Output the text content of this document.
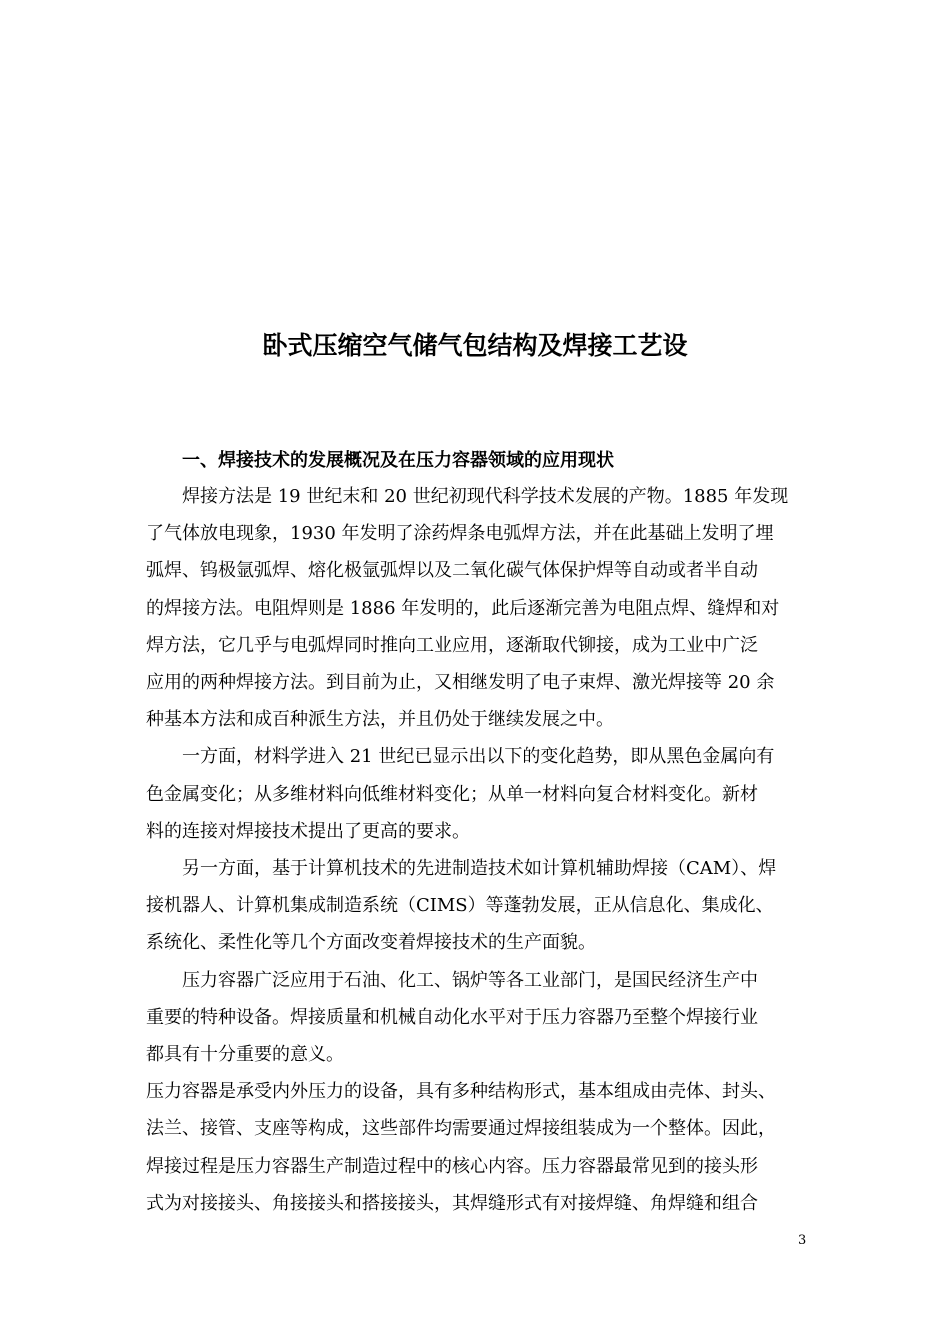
卧式压缩空气储气包结构及焊接工艺设
一、焊接技术的发展概况及在压力容器领域的应用现状

焊接方法是 19 世纪末和 20 世纪初现代科学技术发展的产物。1885 年发现

了气体放电现象，1930 年发明了涂药焊条电弧焊方法，并在此基础上发明了埋

弧焊、钨极氩弧焊、熔化极氩弧焊以及二氧化碳气体保护焊等自动或者半自动

的焊接方法。电阻焊则是 1886 年发明的，此后逐渐完善为电阻点焊、缝焊和对

焊方法，它几乎与电弧焊同时推向工业应用，逐渐取代铆接，成为工业中广泛

应用的两种焊接方法。到目前为止，又相继发明了电子束焊、激光焊接等 20 余

种基本方法和成百种派生方法，并且仍处于继续发展之中。

一方面，材料学进入 21 世纪已显示出以下的变化趋势，即从黑色金属向有

色金属变化；从多维材料向低维材料变化；从单一材料向复合材料变化。新材

料的连接对焊接技术提出了更高的要求。

另一方面，基于计算机技术的先进制造技术如计算机辅助焊接（CAM）、焊

接机器人、计算机集成制造系统（CIMS）等蓬勃发展，正从信息化、集成化、

系统化、柔性化等几个方面改变着焊接技术的生产面貌。

压力容器广泛应用于石油、化工、锅炉等各工业部门，是国民经济生产中

重要的特种设备。焊接质量和机械自动化水平对于压力容器乃至整个焊接行业

都具有十分重要的意义。

压力容器是承受内外压力的设备，具有多种结构形式，基本组成由壳体、封头、

法兰、接管、支座等构成，这些部件均需要通过焊接组装成为一个整体。因此，

焊接过程是压力容器生产制造过程中的核心内容。压力容器最常见到的接头形

式为对接接头、角接接头和搭接接头，其焊缝形式有对接焊缝、角焊缝和组合

3
